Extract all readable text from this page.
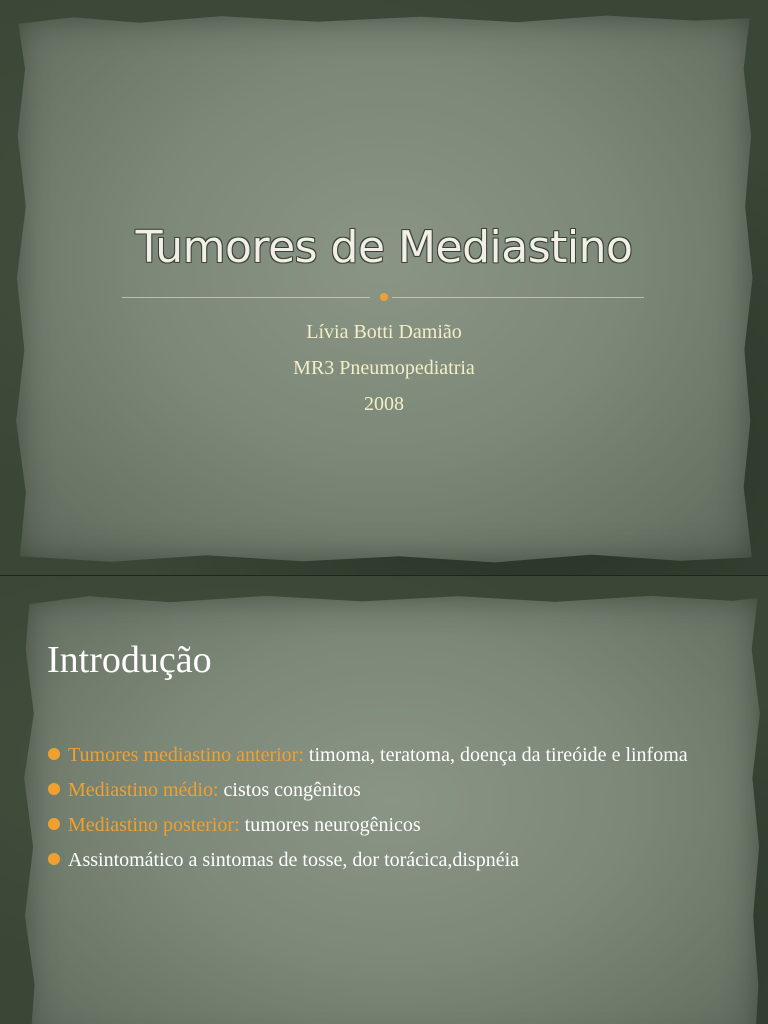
Tumores de Mediastino
Lívia Botti Damião
MR3 Pneumopediatria
2008
Introdução
Tumores mediastino anterior: timoma, teratoma, doença da tireóide e linfoma
Mediastino médio: cistos congênitos
Mediastino posterior: tumores neurogênicos
Assintomático a sintomas de tosse, dor torácica,dispnéia
